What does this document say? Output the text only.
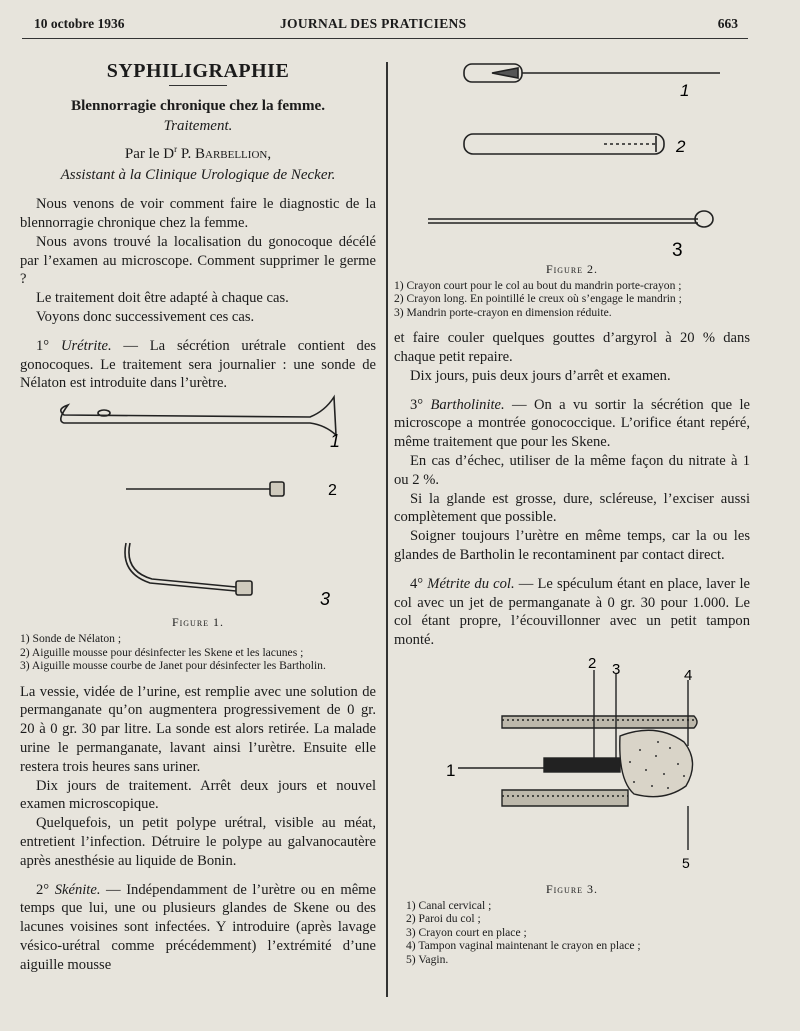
10 octobre 1936	JOURNAL DES PRATICIENS	663
SYPHILIGRAPHIE
Blennorragie chronique chez la femme.
Traitement.
Par le $D^r$ P. Barbellion,
Assistant à la Clinique Urologique de Necker.

Nous venons de voir comment faire le diagnostic de la blennorragie chronique chez la femme.

Nous avons trouvé la localisation du gonocoque décélé par l’examen au microscope. Comment supprimer le germe ?

Le traitement doit être adapté à chaque cas.

Voyons donc successivement ces cas.

1° Urétrite. — La sécrétion urétrale contient des gonocoques. Le traitement sera journalier : une sonde de Nélaton est introduite dans l’urètre.

1
2
3
Figure 1.
1) Sonde de Nélaton ;
2) Aiguille mousse pour désinfecter les Skene et les lacunes ;
3) Aiguille mousse courbe de Janet pour désinfecter les Bartholin.

La vessie, vidée de l’urine, est remplie avec une solution de permanganate qu’on augmentera progressivement de 0 gr. 20 à 0 gr. 30 par litre. La sonde est alors retirée. La malade urine le permanganate, lavant ainsi l’urètre. Ensuite elle restera trois heures sans uriner.

Dix jours de traitement. Arrêt deux jours et nouvel examen microscopique.

Quelquefois, un petit polype urétral, visible au méat, entretient l’infection. Détruire le polype au galvanocautère après anesthésie au liquide de Bonin.

2° Skénite. — Indépendamment de l’urètre ou en même temps que lui, une ou plusieurs glandes de Skene ou des lacunes voisines sont infectées. Y introduire (après lavage vésico-urétral comme précédemment) l’extrémité d’une aiguille mousse

1
2
3
Figure 2.
1) Crayon court pour le col au bout du mandrin porte-crayon ;
2) Crayon long. En pointillé le creux où s’engage le mandrin ;
3) Mandrin porte-crayon en dimension réduite.

et faire couler quelques gouttes d’argyrol à 20 % dans chaque petit repaire.

Dix jours, puis deux jours d’arrêt et examen.

3° Bartholinite. — On a vu sortir la sécrétion que le microscope a montrée gonococcique. L’orifice étant repéré, même traitement que pour les Skene.

En cas d’échec, utiliser de la même façon du nitrate à 1 ou 2 %.

Si la glande est grosse, dure, scléreuse, l’exciser aussi complètement que possible.

Soigner toujours l’urètre en même temps, car la ou les glandes de Bartholin le recontaminent par contact direct.

4° Métrite du col. — Le spéculum étant en place, laver le col avec un jet de permanganate à 0 gr. 30 pour 1.000. Le col étant propre, l’écouvillonner avec un petit tampon monté.

2 3	4
1
5
Figure 3.
1) Canal cervical ;
2) Paroi du col ;
3) Crayon court en place ;
4) Tampon vaginal maintenant le crayon en place ;
5) Vagin.
